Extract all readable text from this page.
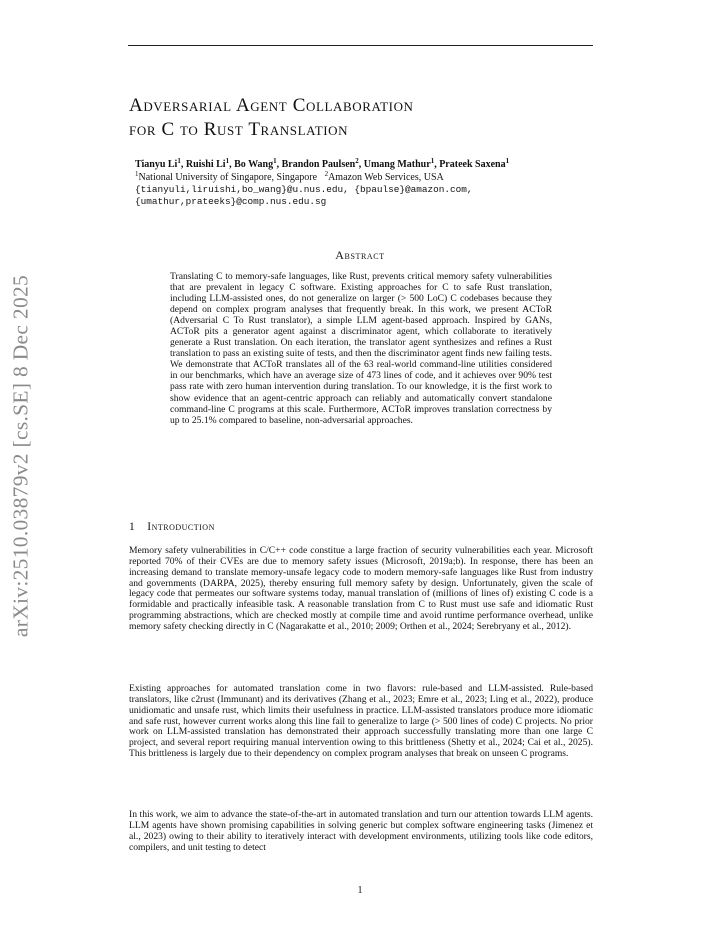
arXiv:2510.03879v2 [cs.SE] 8 Dec 2025
Adversarial Agent Collaboration
for C to Rust Translation
Tianyu Li$^1$, Ruishi Li$^1$, Bo Wang$^1$, Brandon Paulsen$^2$, Umang Mathur$^1$, Prateek Saxena$^1$
$^1$National University of Singapore, Singapore $^2$Amazon Web Services, USA
{tianyuli,liruishi,bo_wang}@u.nus.edu, {bpaulse}@amazon.com,
{umathur,prateeks}@comp.nus.edu.sg
Abstract

Translating C to memory-safe languages, like Rust, prevents critical memory safety vulnerabilities that are prevalent in legacy C software. Existing approaches for C to safe Rust translation, including LLM-assisted ones, do not generalize on larger (> 500 LoC) C codebases because they depend on complex program analyses that frequently break. In this work, we present ACToR (Adversarial C To Rust translator), a simple LLM agent-based approach. Inspired by GANs, ACToR pits a generator agent against a discriminator agent, which collaborate to iteratively generate a Rust translation. On each iteration, the translator agent synthesizes and refines a Rust translation to pass an existing suite of tests, and then the discriminator agent finds new failing tests. We demonstrate that ACToR translates all of the 63 real-world command-line utilities considered in our benchmarks, which have an average size of 473 lines of code, and it achieves over 90% test pass rate with zero human intervention during translation. To our knowledge, it is the first work to show evidence that an agent-centric approach can reliably and automatically convert standalone command-line C programs at this scale. Furthermore, ACToR improves translation correctness by up to 25.1% compared to baseline, non-adversarial approaches.

1 Introduction

Memory safety vulnerabilities in C/C++ code constitue a large fraction of security vulnerabilities each year. Microsoft reported 70% of their CVEs are due to memory safety issues (Microsoft, 2019a;b). In response, there has been an increasing demand to translate memory-unsafe legacy code to modern memory-safe languages like Rust from industry and governments (DARPA, 2025), thereby ensuring full memory safety by design. Unfortunately, given the scale of legacy code that permeates our software systems today, manual translation of (millions of lines of) existing C code is a formidable and practically infeasible task. A reasonable translation from C to Rust must use safe and idiomatic Rust programming abstractions, which are checked mostly at compile time and avoid runtime performance overhead, unlike memory safety checking directly in C (Nagarakatte et al., 2010; 2009; Orthen et al., 2024; Serebryany et al., 2012).

Existing approaches for automated translation come in two flavors: rule-based and LLM-assisted. Rule-based translators, like c2rust (Immunant) and its derivatives (Zhang et al., 2023; Emre et al., 2023; Ling et al., 2022), produce unidiomatic and unsafe rust, which limits their usefulness in practice. LLM-assisted translators produce more idiomatic and safe rust, however current works along this line fail to generalize to large (> 500 lines of code) C projects. No prior work on LLM-assisted translation has demonstrated their approach successfully translating more than one large C project, and several report requiring manual intervention owing to this brittleness (Shetty et al., 2024; Cai et al., 2025). This brittleness is largely due to their dependency on complex program analyses that break on unseen C programs.

In this work, we aim to advance the state-of-the-art in automated translation and turn our attention towards LLM agents. LLM agents have shown promising capabilities in solving generic but complex software engineering tasks (Jimenez et al., 2023) owing to their ability to iteratively interact with development environments, utilizing tools like code editors, compilers, and unit testing to detect

1
